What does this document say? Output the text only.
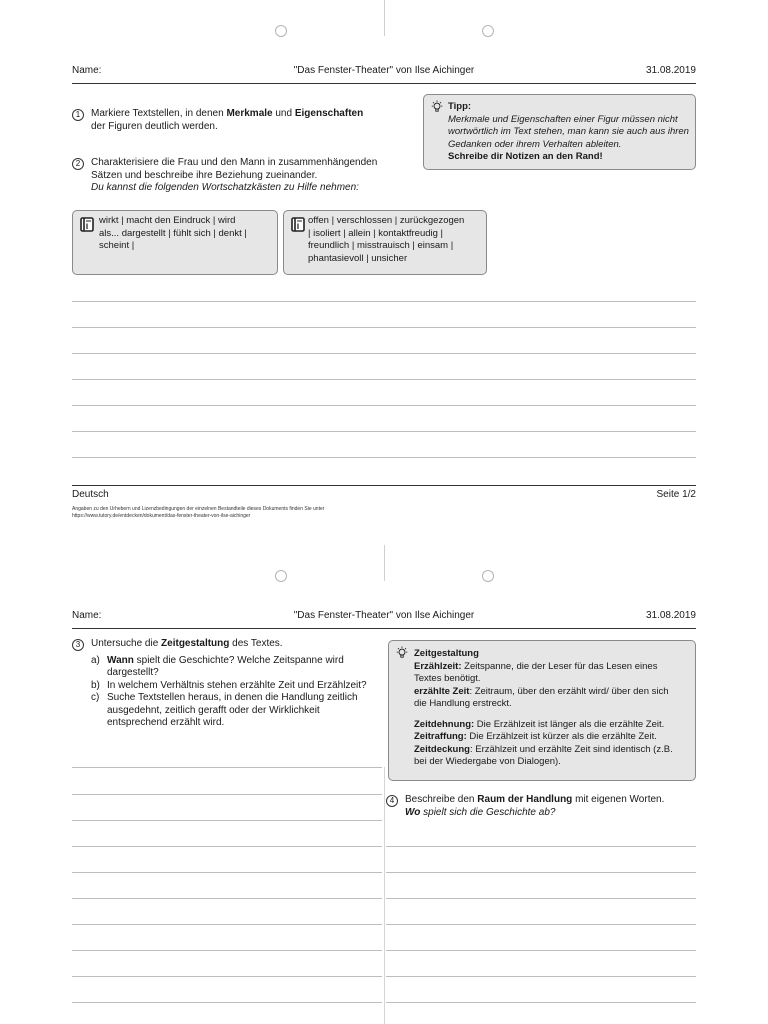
Name:	"Das Fenster-Theater" von Ilse Aichinger	31.08.2019
1	Markiere Textstellen, in denen Merkmale und Eigenschaften
der Figuren deutlich werden.
2	Charakterisiere die Frau und den Mann in zusammenhängenden
Sätzen und beschreibe ihre Beziehung zueinander.
Du kannst die folgenden Wortschatzkästen zu Hilfe nehmen:
Tipp:
Merkmale und Eigenschaften einer Figur müssen nicht
wortwörtlich im Text stehen, man kann sie auch aus ihren
Gedanken oder ihrem Verhalten ableiten.
Schreibe dir Notizen an den Rand!
wirkt | macht den Eindruck | wird
als... dargestellt | fühlt sich | denkt |
scheint |
offen | verschlossen | zurückgezogen
| isoliert | allein | kontaktfreudig |
freundlich | misstrauisch | einsam |
phantasievoll | unsicher
Deutsch	Seite 1/2
Angaben zu den Urhebern und Lizenzbedingungen der einzelnen Bestandteile dieses Dokuments finden Sie unter
https://www.tutory.de/entdecken/dokument/das-fenster-theater-von-ilse-aichinger
Name:	"Das Fenster-Theater" von Ilse Aichinger	31.08.2019
3	Untersuche die Zeitgestaltung des Textes.
a) Wann spielt die Geschichte? Welche Zeitspanne wird
dargestellt?
b) In welchem Verhältnis stehen erzählte Zeit und Erzählzeit?
c) Suche Textstellen heraus, in denen die Handlung zeitlich
ausgedehnt, zeitlich gerafft oder der Wirklichkeit
entsprechend erzählt wird.
Zeitgestaltung
Erzählzeit: Zeitspanne, die der Leser für das Lesen eines
Textes benötigt.
erzählte Zeit: Zeitraum, über den erzählt wird/ über den sich
die Handlung erstreckt.
Zeitdehnung: Die Erzählzeit ist länger als die erzählte Zeit.
Zeitraffung: Die Erzählzeit ist kürzer als die erzählte Zeit.
Zeitdeckung: Erzählzeit und erzählte Zeit sind identisch (z.B.
bei der Wiedergabe von Dialogen).
4	Beschreibe den Raum der Handlung mit eigenen Worten.
Wo spielt sich die Geschichte ab?
